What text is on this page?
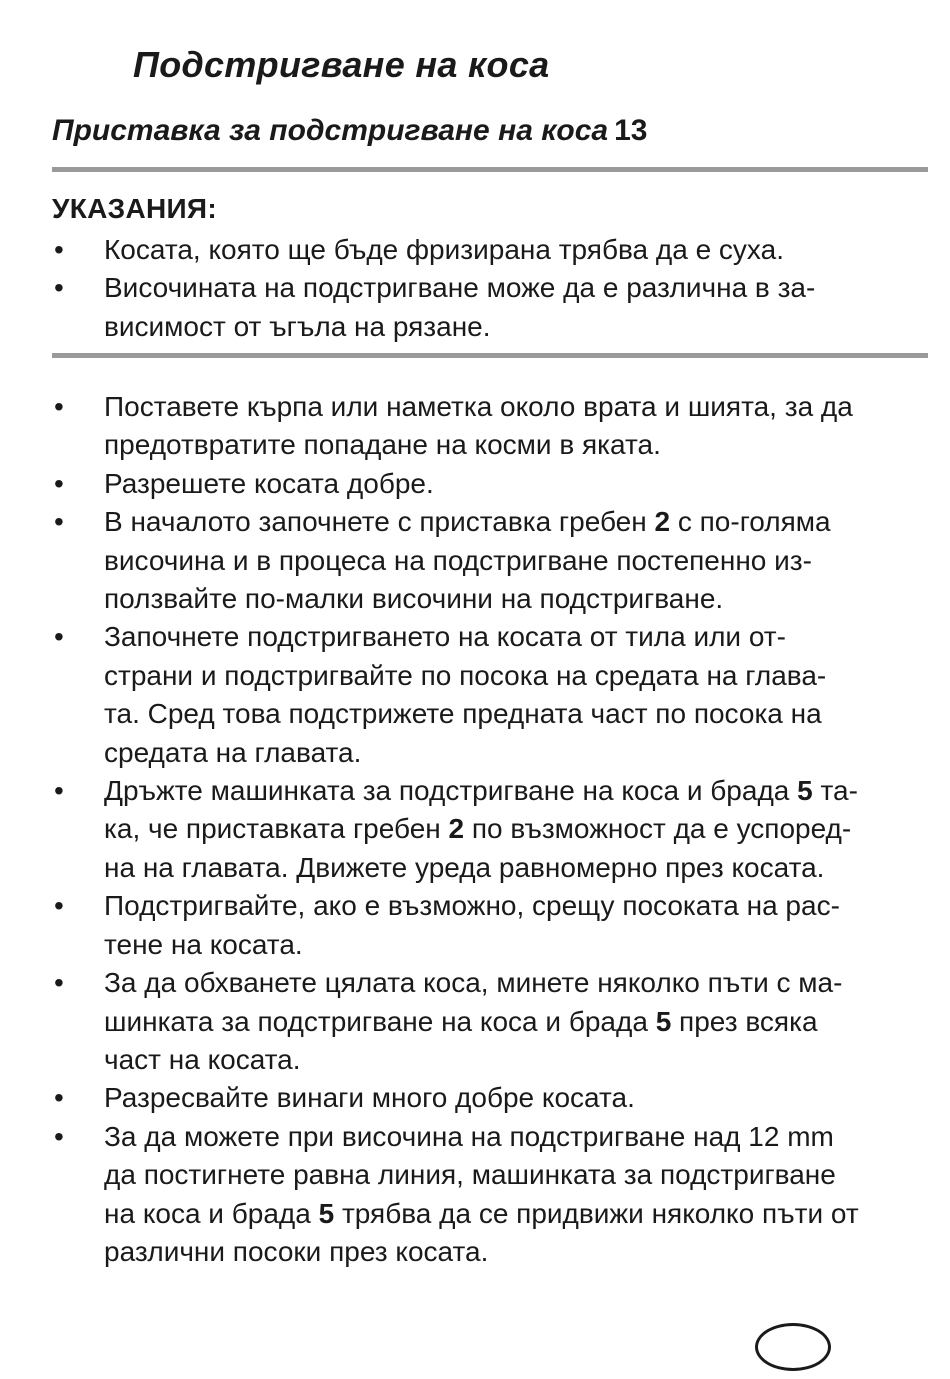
Подстригване на коса
Приставка за подстригване на коса 13
УКАЗАНИЯ:
• Косата, която ще бъде фризирана трябва да е суха.
• Височината на подстригване може да е различна в за-
висимост от ъгъла на рязане.
• Поставете кърпа или наметка около врата и шията, за да
предотвратите попадане на косми в яката.
• Разрешете косата добре.
• В началото започнете с приставка гребен 2 с по-голяма
височина и в процеса на подстригване постепенно из-
ползвайте по-малки височини на подстригване.
• Започнете подстригването на косата от тила или от-
страни и подстригвайте по посока на средата на глава-
та. Сред това подстрижете предната част по посока на
средата на главата.
• Дръжте машинката за подстригване на коса и брада 5 та-
ка, че приставката гребен 2 по възможност да е успоред-
на на главата. Движете уреда равномерно през косата.
• Подстригвайте, ако е възможно, срещу посоката на рас-
тене на косата.
• За да обхванете цялата коса, минете няколко пъти с ма-
шинката за подстригване на коса и брада 5 през всяка
част на косата.
• Разресвайте винаги много добре косата.
• За да можете при височина на подстригване над 12 mm
да постигнете равна линия, машинката за подстригване
на коса и брада 5 трябва да се придвижи няколко пъти от
различни посоки през косата.
